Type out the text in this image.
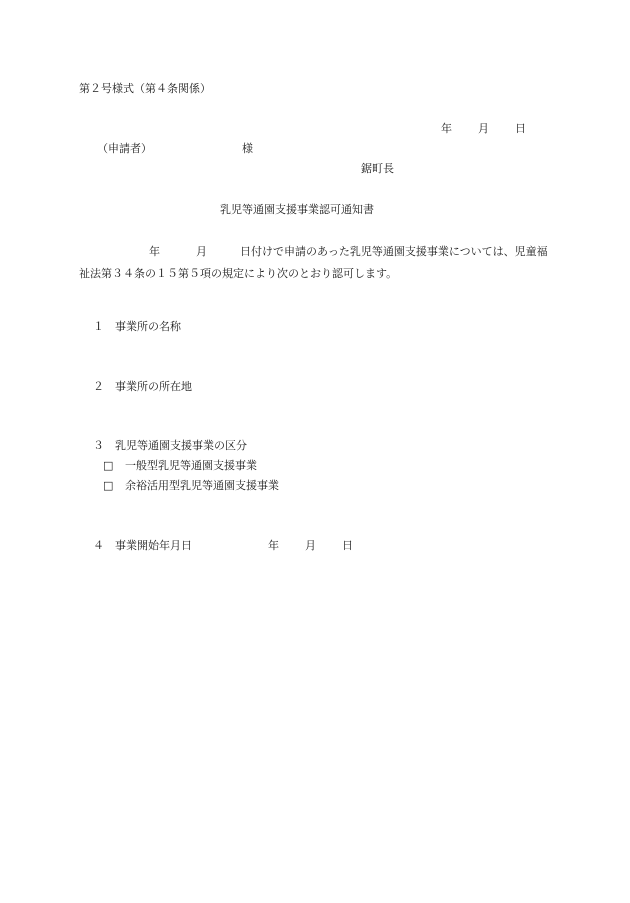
第２号様式（第４条関係）
年 月 日
（申請者）	様
鋸町長
乳児等通園支援事業認可通知書
年	月	日付けで申請のあった乳児等通園支援事業については、児童福祉法第３４条の１５第５項の規定により次のとおり認可します。
１ 事業所の名称
２ 事業所の所在地
３ 乳児等通園支援事業の区分
□ 一般型乳児等通園支援事業
□ 余裕活用型乳児等通園支援事業
４ 事業開始年月日	年 月 日
